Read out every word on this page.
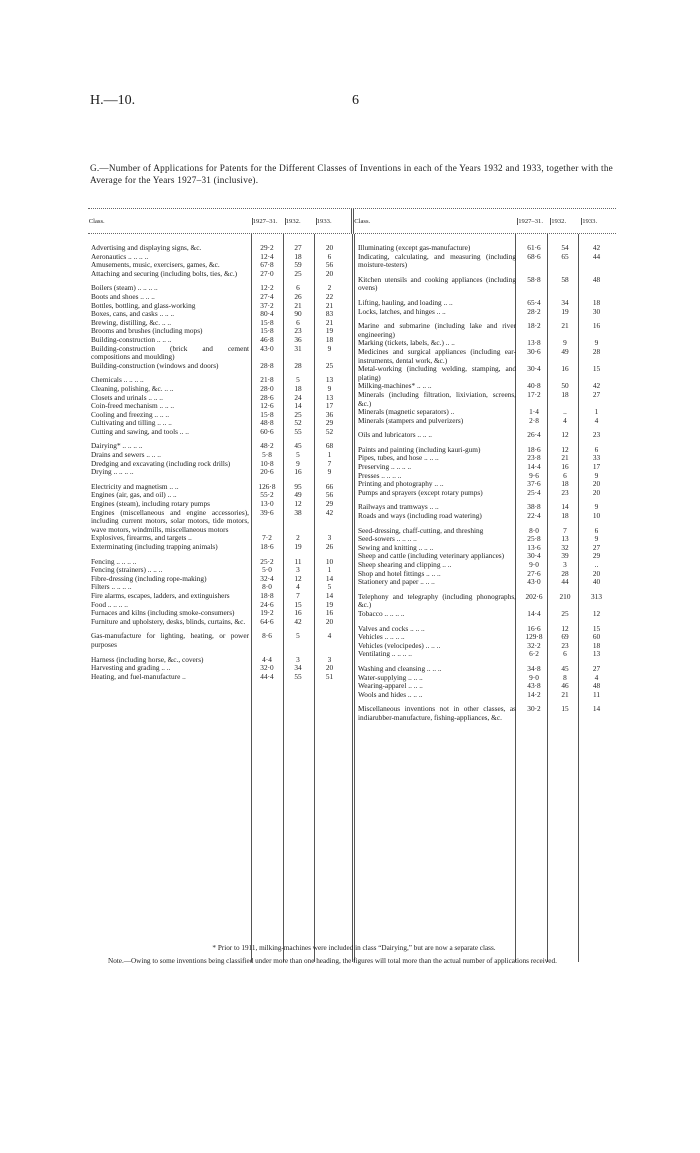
H.—10.	6
G.—Number of Applications for Patents for the Different Classes of Inventions in each of the Years 1932 and 1933, together with the Average for the Years 1927–31 (inclusive).
Class.	1927–31.	1932.	1933.	Class.	1927–31.	1932.	1933.
Advertising and displaying signs, &c.	29·2	27	20
Aeronautics .. .. .. ..	12·4	18	6
Amusements, music, exercisers, games, &c.	67·8	59	56
Attaching and securing (including bolts, ties, &c.)	27·0	25	20
Boilers (steam) .. .. .. ..	12·2	6	2
Boots and shoes .. .. ..	27·4	26	22
Bottles, bottling, and glass-working	37·2	21	21
Boxes, cans, and casks .. .. ..	80·4	90	83
Brewing, distilling, &c. .. ..	15·8	6	21
Brooms and brushes (including mops)	15·8	23	19
Building-construction .. .. ..	46·8	36	18
Building-construction (brick and cement compositions and moulding)
43·0	31	9
Building-construction (windows and doors)	28·8	28	25
Chemicals .. .. .. ..	21·8	5	13
Cleaning, polishing, &c. .. ..	28·0	18	9
Closets and urinals .. .. ..	28·6	24	13
Coin-freed mechanism .. .. ..	12·6	14	17
Cooling and freezing .. .. ..	15·8	25	36
Cultivating and tilling .. .. ..	48·8	52	29
Cutting and sawing, and tools .. ..	60·6	55	52
Dairying* .. .. .. ..	48·2	45	68
Drains and sewers .. .. ..	5·8	5	1
Dredging and excavating (including rock drills)	10·8	9	7
Drying .. .. .. ..	20·6	16	9
Electricity and magnetism .. ..	126·8	95	66
Engines (air, gas, and oil) .. ..	55·2	49	56
Engines (steam), including rotary pumps	13·0	12	29
Engines (miscellaneous and engine accessories), including current motors, solar motors, tide motors, wave motors, windmills, miscellaneous motors
39·6	38	42
Explosives, firearms, and targets ..	7·2	2	3
Exterminating (including trapping animals)	18·6	19	26
Fencing .. .. .. ..	25·2	11	10
Fencing (strainers) .. .. ..	5·0	3	1
Fibre-dressing (including rope-making)	32·4	12	14
Filters .. .. .. ..	8·0	4	5
Fire alarms, escapes, ladders, and extinguishers	18·8	7	14
Food .. .. .. ..	24·6	15	19
Furnaces and kilns (including smoke-consumers)	19·2	16	16
Furniture and upholstery, desks, blinds, curtains, &c.	64·6	42	20
Gas-manufacture for lighting, heating, or power purposes
8·6	5	4
Harness (including horse, &c., covers)	4·4	3	3
Harvesting and grading .. ..	32·0	34	20
Heating, and fuel-manufacture ..	44·4	55	51
Illuminating (except gas-manufacture)	61·6	54	42
Indicating, calculating, and measuring (including moisture-testers)
68·6	65	44
Kitchen utensils and cooking appliances (including ovens)
58·8	58	48
Lifting, hauling, and loading .. ..	65·4	34	18
Locks, latches, and hinges .. ..	28·2	19	30
Marine and submarine (including lake and river engineering)
18·2	21	16
Marking (tickets, labels, &c.) .. ..	13·8	9	9
Medicines and surgical appliances (including ear-instruments, dental work, &c.)
30·6	49	28
Metal-working (including welding, stamping, and plating)
30·4	16	15
Milking-machines* .. .. ..	40·8	50	42
Minerals (including filtration, lixiviation, screens, &c.)
17·2	18	27
Minerals (magnetic separators) ..	1·4	..	1
Minerals (stampers and pulverizers)	2·8	4	4
Oils and lubricators .. .. ..	26·4	12	23
Paints and painting (including kauri-gum)	18·6	12	6
Pipes, tubes, and hose .. .. ..	23·8	21	33
Preserving .. .. .. ..	14·4	16	17
Presses .. .. .. ..	9·6	6	9
Printing and photography .. ..	37·6	18	20
Pumps and sprayers (except rotary pumps)	25·4	23	20
Railways and tramways .. ..	38·8	14	9
Roads and ways (including road watering)	22·4	18	10
Seed-dressing, chaff-cutting, and threshing	8·0	7	6
Seed-sowers .. .. .. ..	25·8	13	9
Sewing and knitting .. .. ..	13·6	32	27
Sheep and cattle (including veterinary appliances)	30·4	39	29
Sheep shearing and clipping .. ..	9·0	3	..
Shop and hotel fittings .. .. ..	27·6	28	20
Stationery and paper .. .. ..	43·0	44	40
Telephony and telegraphy (including phonographs, &c.)
202·6	210	313
Tobacco .. .. .. ..	14·4	25	12
Valves and cocks .. .. ..	16·6	12	15
Vehicles .. .. .. ..	129·8	69	60
Vehicles (velocipedes) .. .. ..	32·2	23	18
Ventilating .. .. .. ..	6·2	6	13
Washing and cleansing .. .. ..	34·8	45	27
Water-supplying .. .. ..	9·0	8	4
Wearing-apparel .. .. ..	43·8	46	48
Wools and hides .. .. ..	14·2	21	11
Miscellaneous inventions not in other classes, as indiarubber-manufacture, fishing-appliances, &c.
30·2	15	14
* Prior to 1911, milking-machines were included in class “Dairying,” but are now a separate class.
Note.—Owing to some inventions being classified under more than one heading, the figures will total more than the actual number of applications received.
